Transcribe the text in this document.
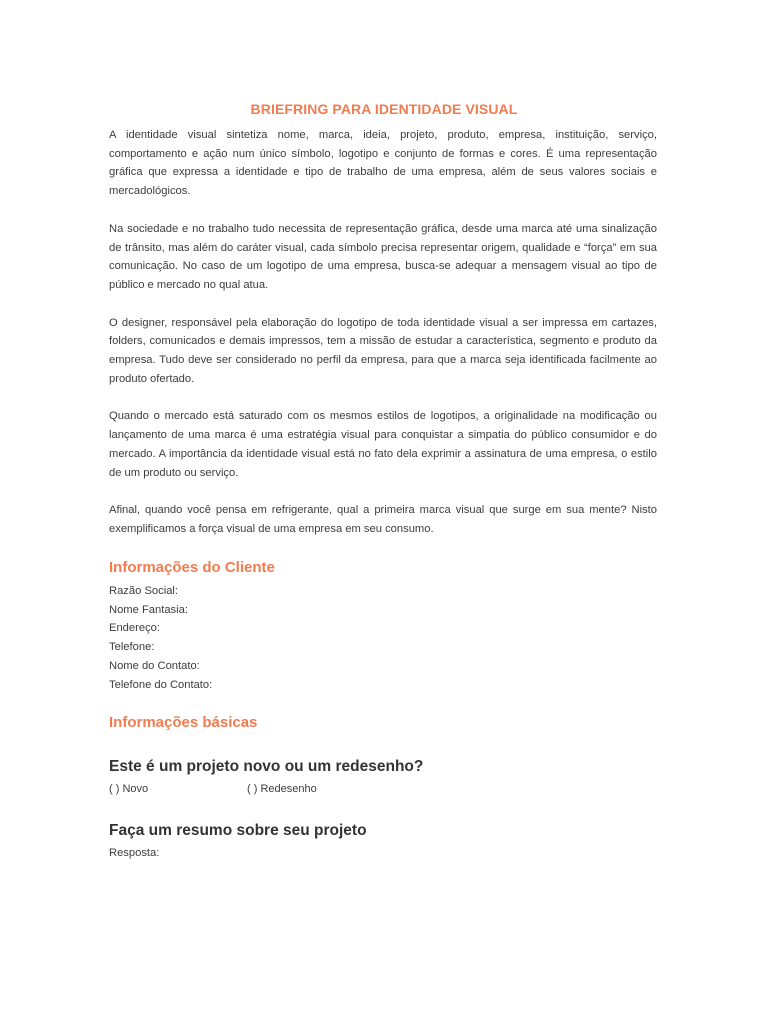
BRIEFRING PARA IDENTIDADE VISUAL

A identidade visual sintetiza nome, marca, ideia, projeto, produto, empresa, instituição, serviço, comportamento e ação num único símbolo, logotipo e conjunto de formas e cores. É uma representação gráfica que expressa a identidade e tipo de trabalho de uma empresa, além de seus valores sociais e mercadológicos.

Na sociedade e no trabalho tudo necessita de representação gráfica, desde uma marca até uma sinalização de trânsito, mas além do caráter visual, cada símbolo precisa representar origem, qualidade e “força” em sua comunicação. No caso de um logotipo de uma empresa, busca-se adequar a mensagem visual ao tipo de público e mercado no qual atua.

O designer, responsável pela elaboração do logotipo de toda identidade visual a ser impressa em cartazes, folders, comunicados e demais impressos, tem a missão de estudar a característica, segmento e produto da empresa. Tudo deve ser considerado no perfil da empresa, para que a marca seja identificada facilmente ao produto ofertado.

Quando o mercado está saturado com os mesmos estilos de logotipos, a originalidade na modificação ou lançamento de uma marca é uma estratégia visual para conquistar a simpatia do público consumidor e do mercado. A importância da identidade visual está no fato dela exprimir a assinatura de uma empresa, o estilo de um produto ou serviço.

Afinal, quando você pensa em refrigerante, qual a primeira marca visual que surge em sua mente? Nisto exemplificamos a força visual de uma empresa em seu consumo.

Informações do Cliente

Razão Social:

Nome Fantasia:

Endereço:

Telefone:

Nome do Contato:

Telefone do Contato:

Informações básicas
Este é um projeto novo ou um redesenho?
( ) Novo	( ) Redesenho
Faça um resumo sobre seu projeto

Resposta:
